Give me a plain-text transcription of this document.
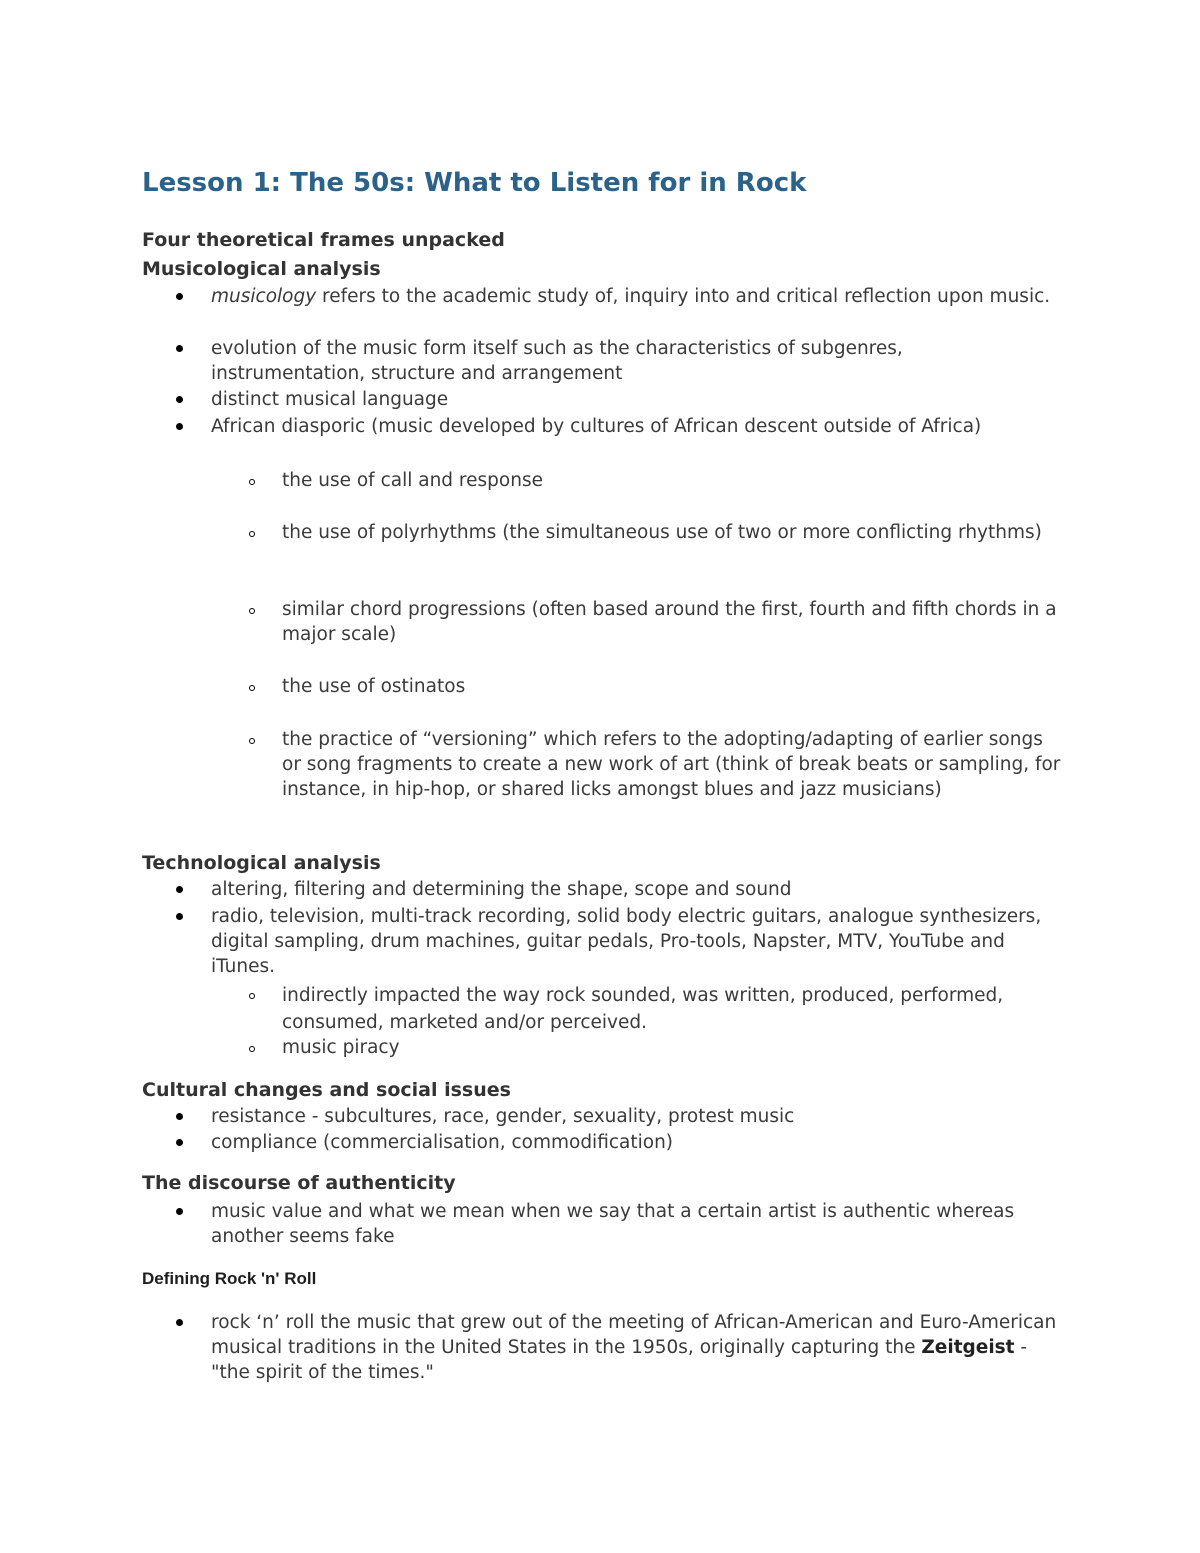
Lesson 1: The 50s: What to Listen for in Rock
Four theoretical frames unpacked
Musicological analysis
musicology refers to the academic study of, inquiry into and critical reflection upon music.
evolution of the music form itself such as the characteristics of subgenres, instrumentation, structure and arrangement
distinct musical language
African diasporic (music developed by cultures of African descent outside of Africa)
the use of call and response
the use of polyrhythms (the simultaneous use of two or more conflicting rhythms)
similar chord progressions (often based around the first, fourth and fifth chords in a major scale)
the use of ostinatos
the practice of “versioning” which refers to the adopting/adapting of earlier songs or song fragments to create a new work of art (think of break beats or sampling, for instance, in hip-hop, or shared licks amongst blues and jazz musicians)
Technological analysis
altering, filtering and determining the shape, scope and sound
radio, television, multi-track recording, solid body electric guitars, analogue synthesizers, digital sampling, drum machines, guitar pedals, Pro-tools, Napster, MTV, YouTube and iTunes.
indirectly impacted the way rock sounded, was written, produced, performed, consumed, marketed and/or perceived.
music piracy
Cultural changes and social issues
resistance - subcultures, race, gender, sexuality, protest music
compliance (commercialisation, commodification)
The discourse of authenticity
music value and what we mean when we say that a certain artist is authentic whereas another seems fake
Defining Rock 'n' Roll
rock ‘n’ roll the music that grew out of the meeting of African-American and Euro-American musical traditions in the United States in the 1950s, originally capturing the Zeitgeist - "the spirit of the times."
